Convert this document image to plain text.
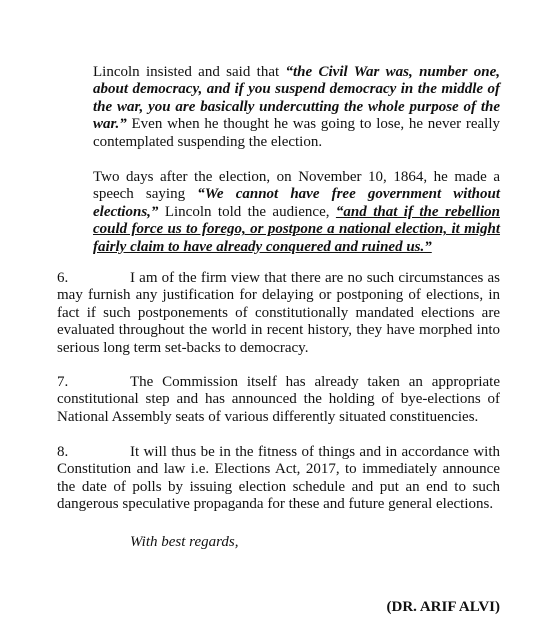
Lincoln insisted and said that “the Civil War was, number one, about democracy, and if you suspend democracy in the middle of the war, you are basically undercutting the whole purpose of the war.” Even when he thought he was going to lose, he never really contemplated suspending the election.
Two days after the election, on November 10, 1864, he made a speech saying “We cannot have free government without elections,” Lincoln told the audience, “and that if the rebellion could force us to forego, or postpone a national election, it might fairly claim to have already conquered and ruined us.”
6.	I am of the firm view that there are no such circumstances as may furnish any justification for delaying or postponing of elections, in fact if such postponements of constitutionally mandated elections are evaluated throughout the world in recent history, they have morphed into serious long term set-backs to democracy.
7.	The Commission itself has already taken an appropriate constitutional step and has announced the holding of bye-elections of National Assembly seats of various differently situated constituencies.
8.	It will thus be in the fitness of things and in accordance with Constitution and law i.e. Elections Act, 2017, to immediately announce the date of polls by issuing election schedule and put an end to such dangerous speculative propaganda for these and future general elections.
With best regards,
(DR. ARIF ALVI)
